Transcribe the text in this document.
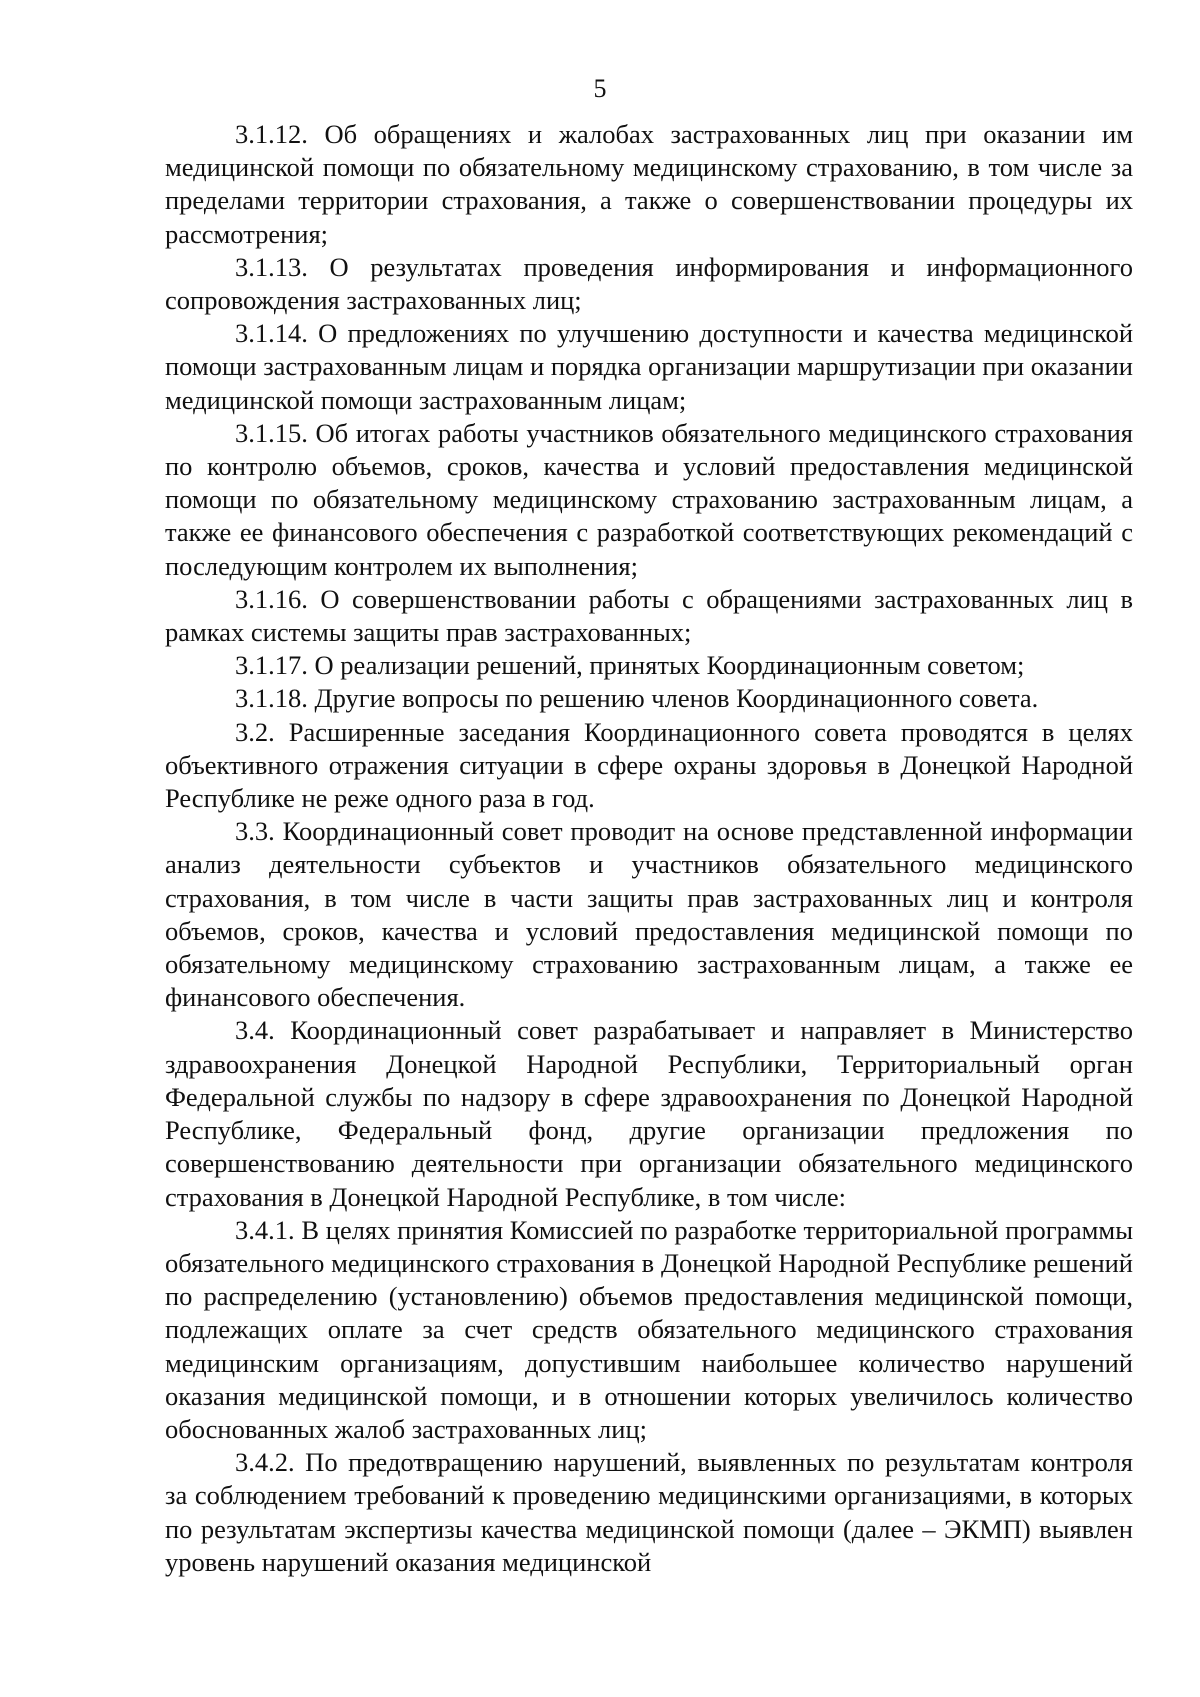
5

3.1.12. Об обращениях и жалобах застрахованных лиц при оказании им медицинской помощи по обязательному медицинскому страхованию, в том числе за пределами территории страхования, а также о совершенствовании процедуры их рассмотрения;

3.1.13. О результатах проведения информирования и информационного сопровождения застрахованных лиц;

3.1.14. О предложениях по улучшению доступности и качества медицинской помощи застрахованным лицам и порядка организации маршрутизации при оказании медицинской помощи застрахованным лицам;

3.1.15. Об итогах работы участников обязательного медицинского страхования по контролю объемов, сроков, качества и условий предоставления медицинской помощи по обязательному медицинскому страхованию застрахованным лицам, а также ее финансового обеспечения с разработкой соответствующих рекомендаций с последующим контролем их выполнения;

3.1.16. О совершенствовании работы с обращениями застрахованных лиц в рамках системы защиты прав застрахованных;

3.1.17. О реализации решений, принятых Координационным советом;

3.1.18. Другие вопросы по решению членов Координационного совета.

3.2. Расширенные заседания Координационного совета проводятся в целях объективного отражения ситуации в сфере охраны здоровья в Донецкой Народной Республике не реже одного раза в год.

3.3. Координационный совет проводит на основе представленной информации анализ деятельности субъектов и участников обязательного медицинского страхования, в том числе в части защиты прав застрахованных лиц и контроля объемов, сроков, качества и условий предоставления медицинской помощи по обязательному медицинскому страхованию застрахованным лицам, а также ее финансового обеспечения.

3.4. Координационный совет разрабатывает и направляет в Министерство здравоохранения Донецкой Народной Республики, Территориальный орган Федеральной службы по надзору в сфере здравоохранения по Донецкой Народной Республике, Федеральный фонд, другие организации предложения по совершенствованию деятельности при организации обязательного медицинского страхования в Донецкой Народной Республике, в том числе:

3.4.1. В целях принятия Комиссией по разработке территориальной программы обязательного медицинского страхования в Донецкой Народной Республике решений по распределению (установлению) объемов предоставления медицинской помощи, подлежащих оплате за счет средств обязательного медицинского страхования медицинским организациям, допустившим наибольшее количество нарушений оказания медицинской помощи, и в отношении которых увеличилось количество обоснованных жалоб застрахованных лиц;

3.4.2. По предотвращению нарушений, выявленных по результатам контроля за соблюдением требований к проведению медицинскими организациями, в которых по результатам экспертизы качества медицинской помощи (далее – ЭКМП) выявлен уровень нарушений оказания медицинской
